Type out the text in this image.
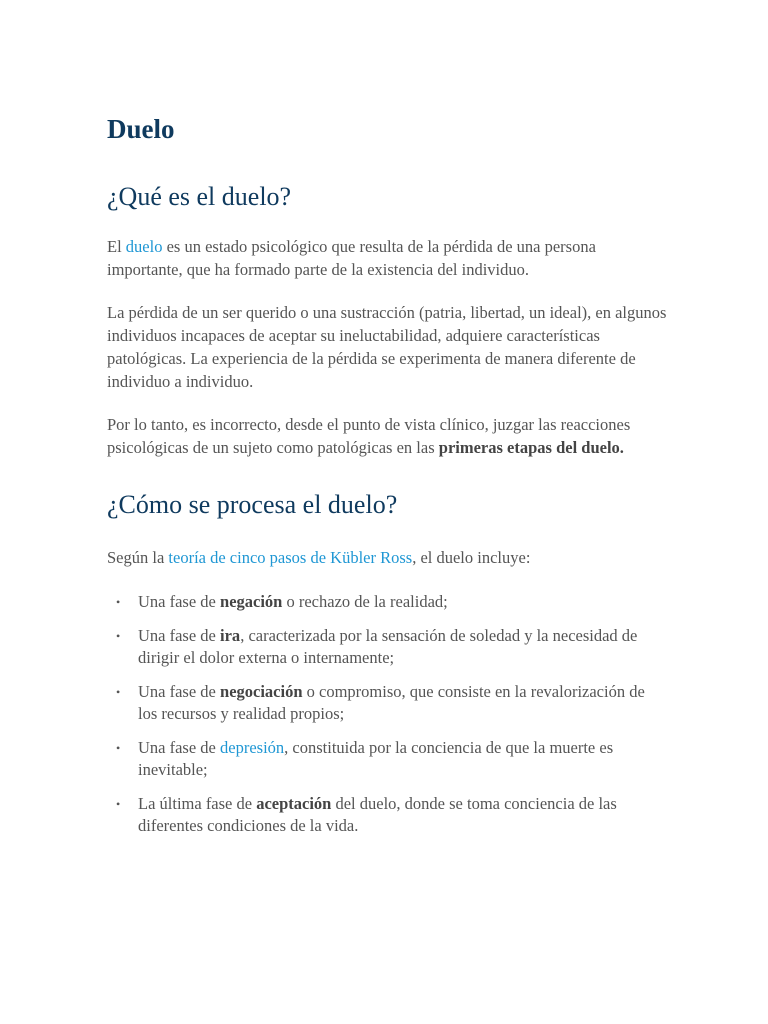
Duelo
¿Qué es el duelo?

El duelo es un estado psicológico que resulta de la pérdida de una persona importante, que ha formado parte de la existencia del individuo.

La pérdida de un ser querido o una sustracción (patria, libertad, un ideal), en algunos individuos incapaces de aceptar su ineluctabilidad, adquiere características patológicas. La experiencia de la pérdida se experimenta de manera diferente de individuo a individuo.

Por lo tanto, es incorrecto, desde el punto de vista clínico, juzgar las reacciones psicológicas de un sujeto como patológicas en las primeras etapas del duelo.

¿Cómo se procesa el duelo?

Según la teoría de cinco pasos de Kübler Ross, el duelo incluye:

• Una fase de negación o rechazo de la realidad;
• Una fase de ira, caracterizada por la sensación de soledad y la necesidad de dirigir el dolor externa o internamente;
• Una fase de negociación o compromiso, que consiste en la revalorización de los recursos y realidad propios;
• Una fase de depresión, constituida por la conciencia de que la muerte es inevitable;
• La última fase de aceptación del duelo, donde se toma conciencia de las diferentes condiciones de la vida.
